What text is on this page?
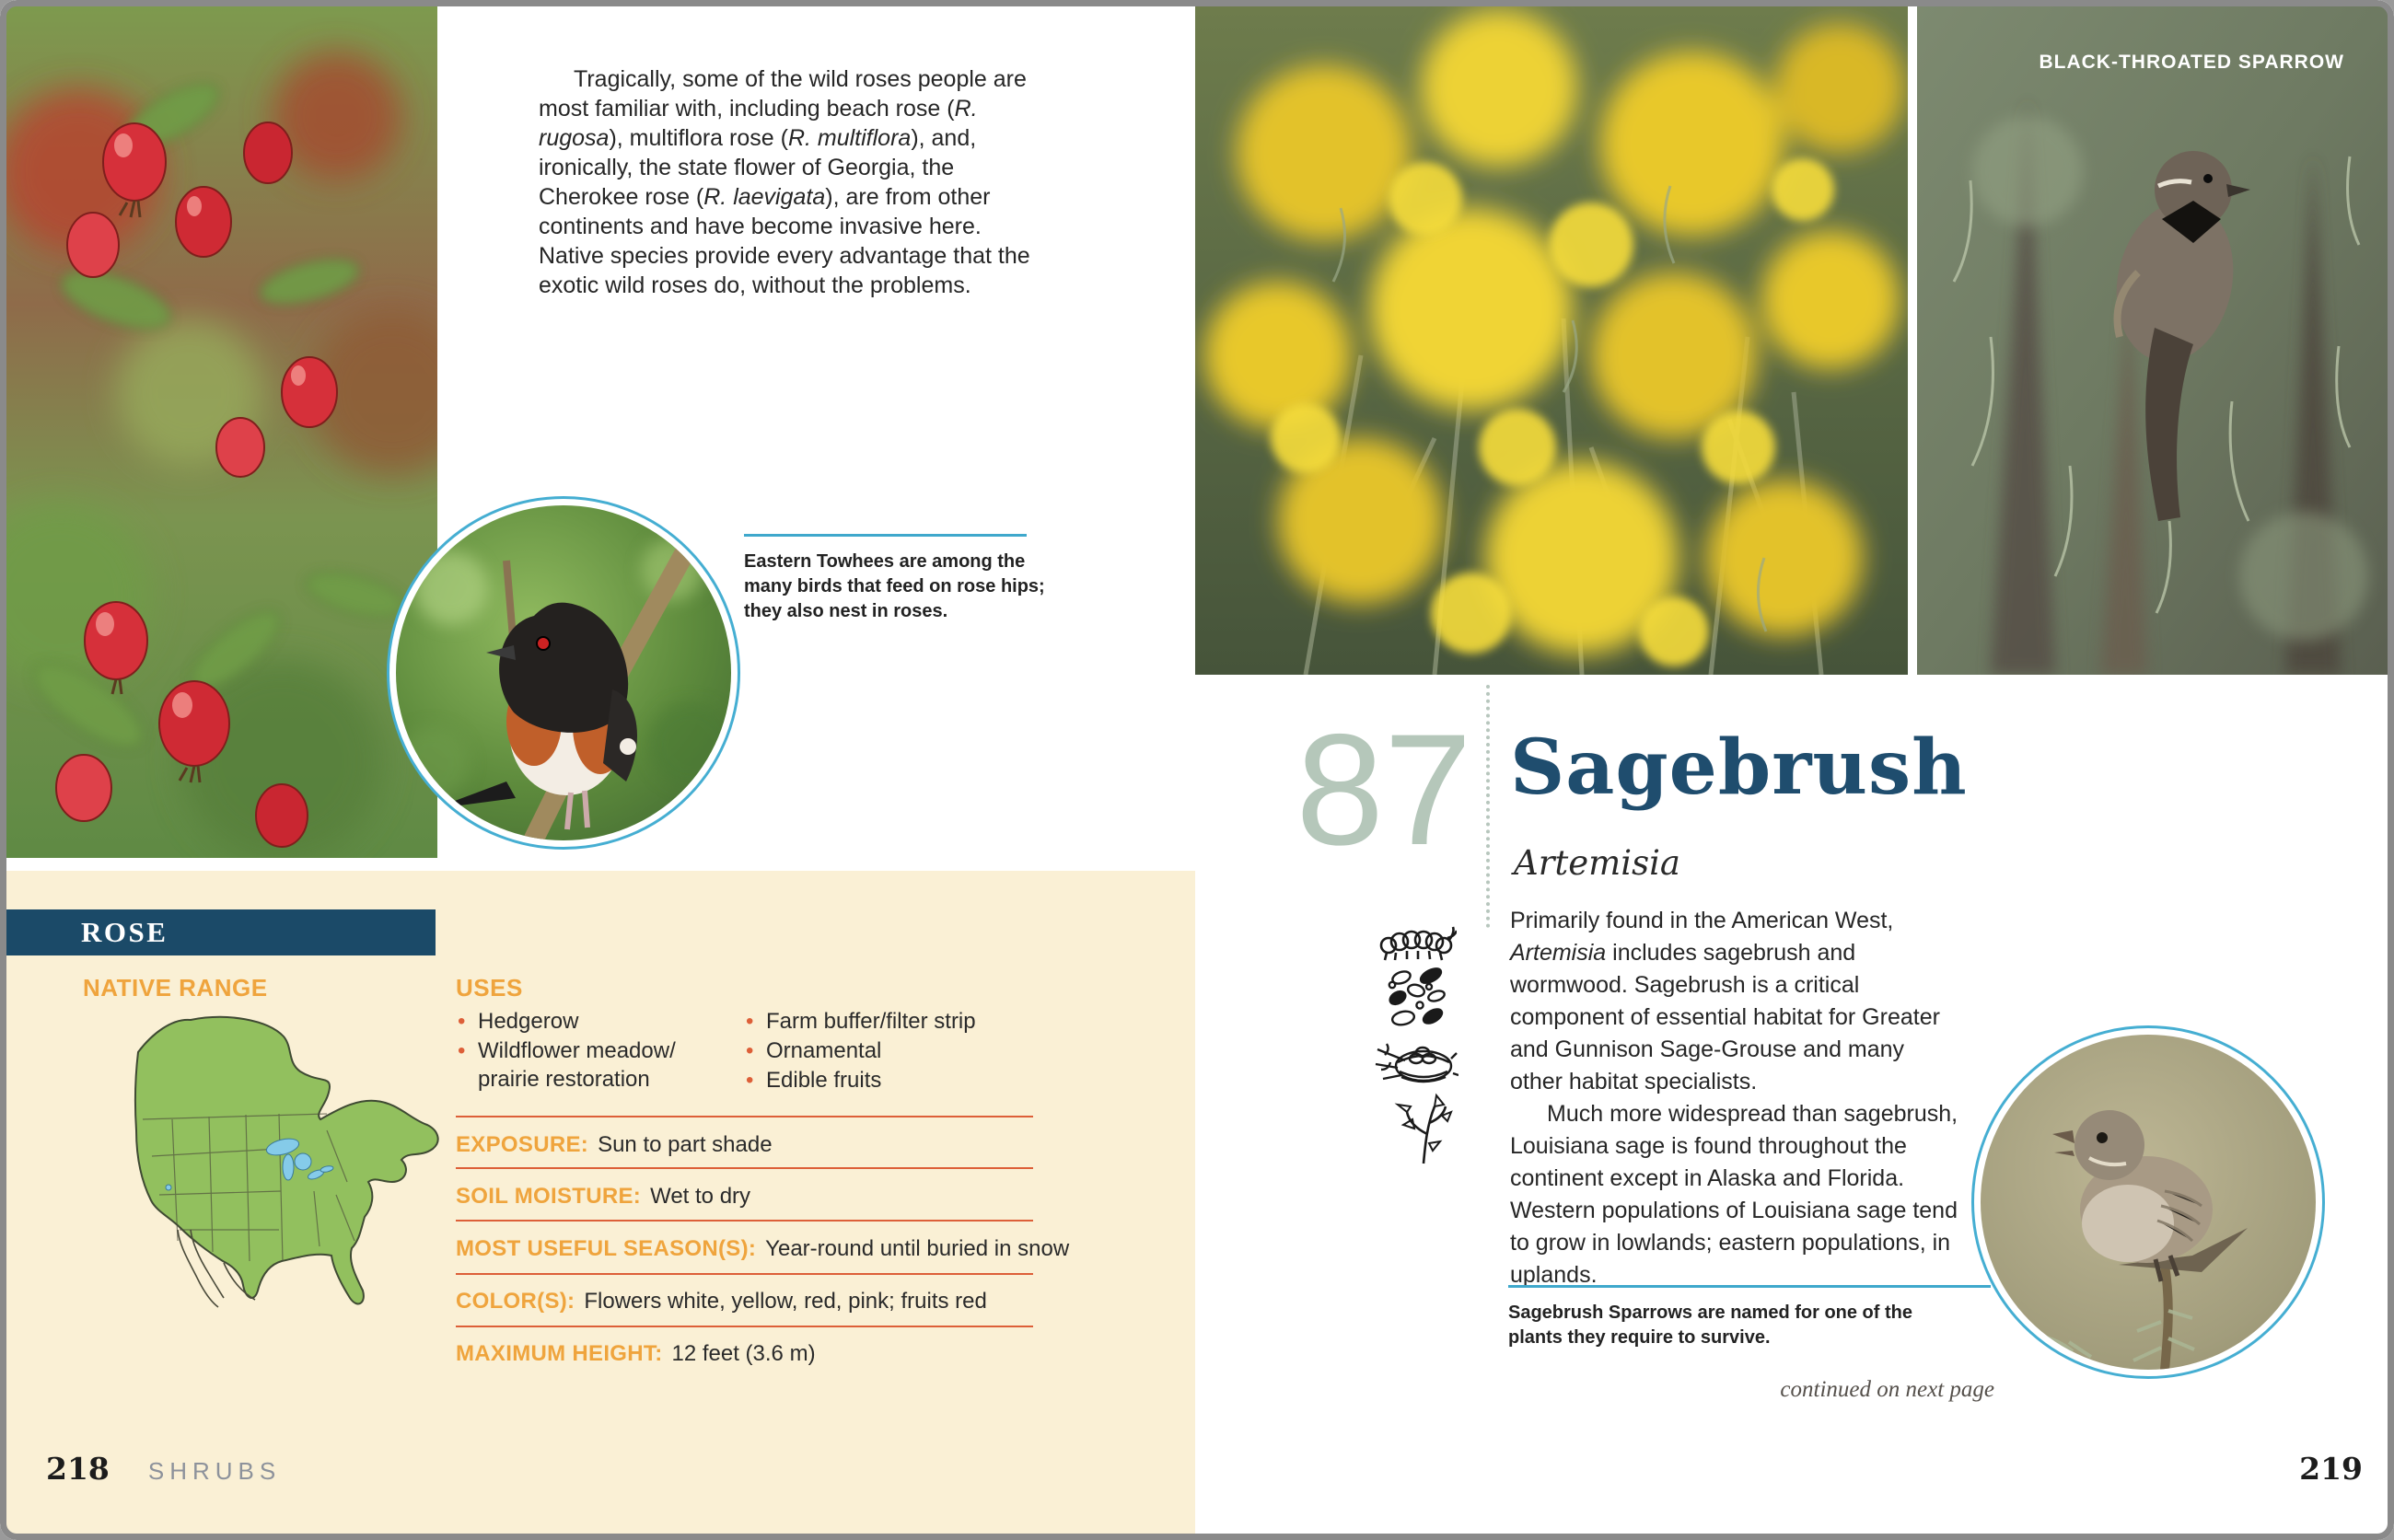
Tragically, some of the wild roses people are most familiar with, including beach rose (R. rugosa), multiflora rose (R. multiflora), and, ironically, the state flower of Georgia, the Cherokee rose (R. laevigata), are from other continents and have become invasive here. Native species provide every advantage that the exotic wild roses do, without the problems.

Eastern Towhees are among the many birds that feed on rose hips; they also nest in roses.

ROSE
NATIVE RANGE	USES
• Hedgerow
• Wildflower meadow/ prairie restoration
• Farm buffer/filter strip
• Ornamental
• Edible fruits
EXPOSURE: Sun to part shade
SOIL MOISTURE: Wet to dry
MOST USEFUL SEASON(S): Year-round until buried in snow
COLOR(S): Flowers white, yellow, red, pink; fruits red
MAXIMUM HEIGHT: 12 feet (3.6 m)
218 SHRUBS
BLACK-THROATED SPARROW
87 Sagebrush
Artemisia

Primarily found in the American West, Artemisia includes sagebrush and wormwood. Sagebrush is a critical component of essential habitat for Greater and Gunnison Sage-Grouse and many other habitat specialists.

Much more widespread than sagebrush, Louisiana sage is found throughout the continent except in Alaska and Florida. Western populations of Louisiana sage tend to grow in lowlands; eastern populations, in uplands.

Sagebrush Sparrows are named for one of the plants they require to survive.

continued on next page
219
